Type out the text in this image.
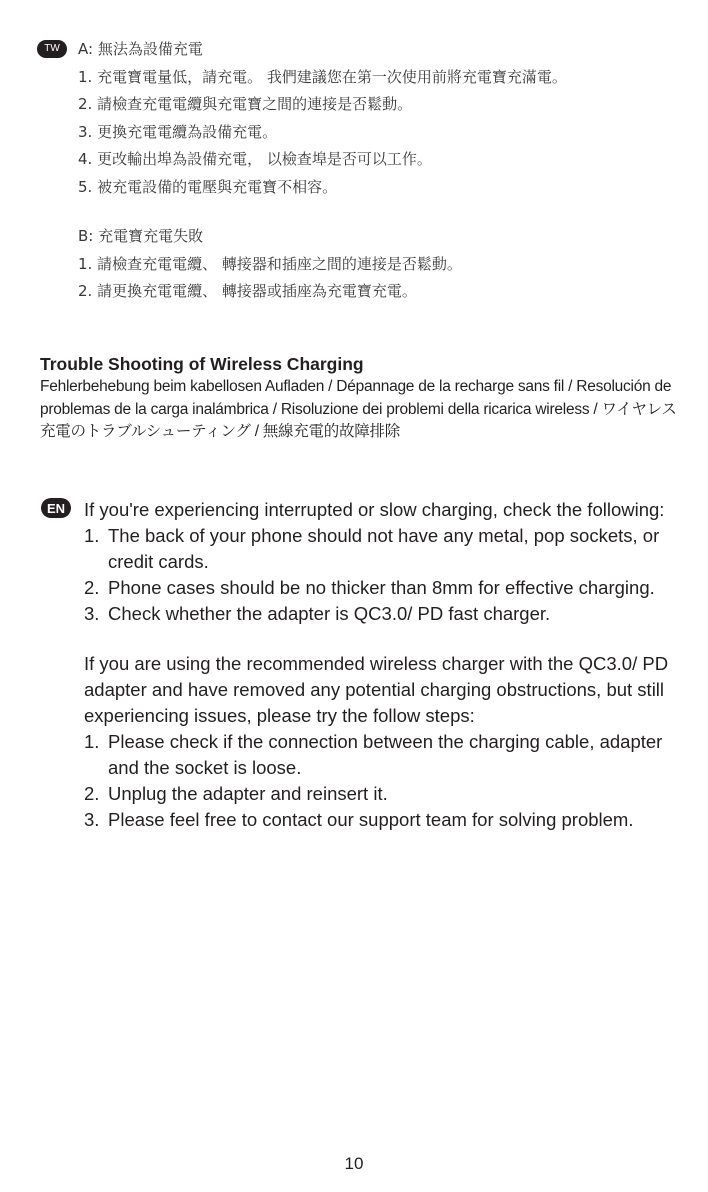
TW	A: 無法為設備充電
1. 充電寶電量低，請充電。 我們建議您在第一次使用前將充電寶充滿電。
2. 請檢查充電電纜與充電寶之間的連接是否鬆動。
3. 更換充電電纜為設備充電。
4. 更改輸出埠為設備充電， 以檢查埠是否可以工作。
5. 被充電設備的電壓與充電寶不相容。
B: 充電寶充電失敗
1. 請檢查充電電纜、 轉接器和插座之間的連接是否鬆動。
2. 請更換充電電纜、 轉接器或插座為充電寶充電。
Trouble Shooting of Wireless Charging
Fehlerbehebung beim kabellosen Aufladen / Dépannage de la recharge sans fil / Resolución de problemas de la carga inalámbrica / Risoluzione dei problemi della ricarica wireless / ワイヤレス充電のトラブルシューティング / 無線充電的故障排除
EN	If you're experiencing interrupted or slow charging, check the following:
1. The back of your phone should not have any metal, pop sockets, or credit cards.
2. Phone cases should be no thicker than 8mm for effective charging.
3. Check whether the adapter is QC3.0/ PD fast charger.

If you are using the recommended wireless charger with the QC3.0/ PD adapter and have removed any potential charging obstructions, but still experiencing issues, please try the follow steps:

1. Please check if the connection between the charging cable, adapter and the socket is loose.
2. Unplug the adapter and reinsert it.
3. Please feel free to contact our support team for solving problem.
10
